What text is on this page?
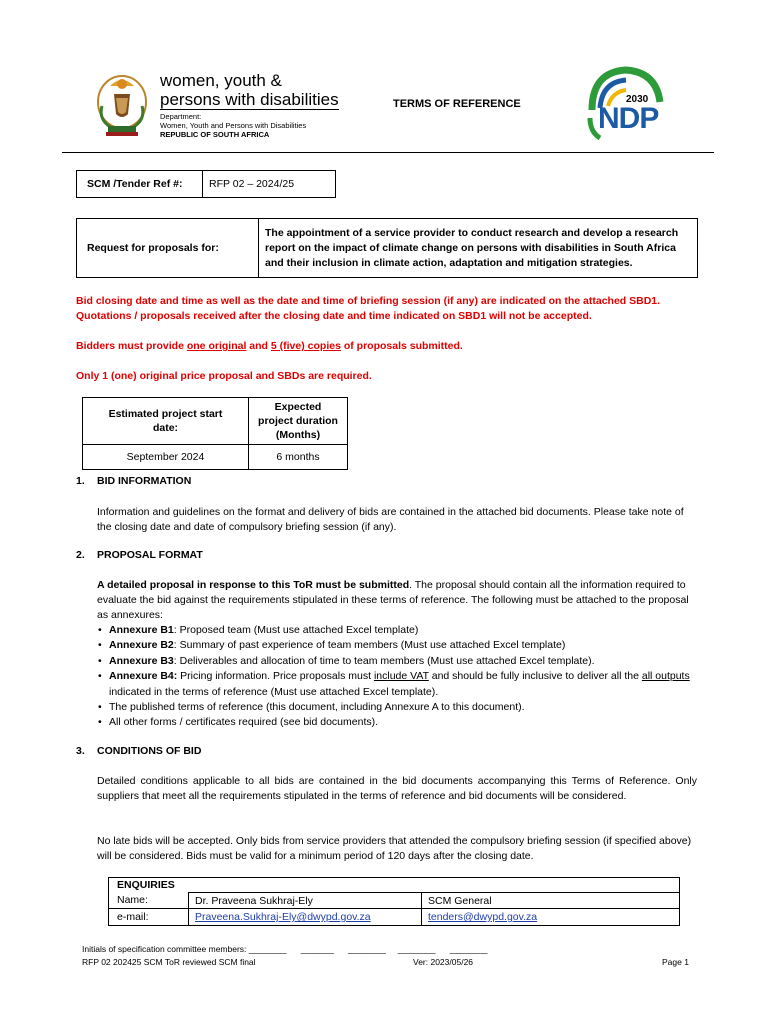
women, youth &
persons with disabilities
Department:
Women, Youth and Persons with Disabilities
REPUBLIC OF SOUTH AFRICA
TERMS OF REFERENCE	2030
NDP
SCM /Tender Ref #:	RFP 02 – 2024/25
Request for proposals for:	The appointment of a service provider to conduct research and develop a research report on the impact of climate change on persons with disabilities in South Africa and their inclusion in climate action, adaptation and mitigation strategies.
Bid closing date and time as well as the date and time of briefing session (if any) are indicated on the attached SBD1. Quotations / proposals received after the closing date and time indicated on SBD1 will not be accepted.
Bidders must provide one original and 5 (five) copies of proposals submitted.
Only 1 (one) original price proposal and SBDs are required.
Estimated project start date:	Expected project duration (Months)
September 2024	6 months
1. BID INFORMATION
Information and guidelines on the format and delivery of bids are contained in the attached bid documents. Please take note of the closing date and date of compulsory briefing session (if any).
2. PROPOSAL FORMAT
A detailed proposal in response to this ToR must be submitted. The proposal should contain all the information required to evaluate the bid against the requirements stipulated in these terms of reference. The following must be attached to the proposal as annexures:
• Annexure B1: Proposed team (Must use attached Excel template)
• Annexure B2: Summary of past experience of team members (Must use attached Excel template)
• Annexure B3: Deliverables and allocation of time to team members (Must use attached Excel template).
• Annexure B4: Pricing information. Price proposals must include VAT and should be fully inclusive to deliver all the all outputs indicated in the terms of reference (Must use attached Excel template).
• The published terms of reference (this document, including Annexure A to this document).
• All other forms / certificates required (see bid documents).
3. CONDITIONS OF BID
Detailed conditions applicable to all bids are contained in the bid documents accompanying this Terms of Reference. Only suppliers that meet all the requirements stipulated in the terms of reference and bid documents will be considered.
No late bids will be accepted. Only bids from service providers that attended the compulsory briefing session (if specified above) will be considered. Bids must be valid for a minimum period of 120 days after the closing date.
ENQUIRIES		
Name:	Dr. Praveena Sukhraj-Ely	SCM General
e-mail:	Praveena.Sukhraj-Ely@dwypd.gov.za	tenders@dwypd.gov.za
Initials of specification committee members: ________      _______      ________     ________      ________
RFP 02 202425 SCM ToR reviewed SCM final	Ver: 2023/05/26	Page 1
